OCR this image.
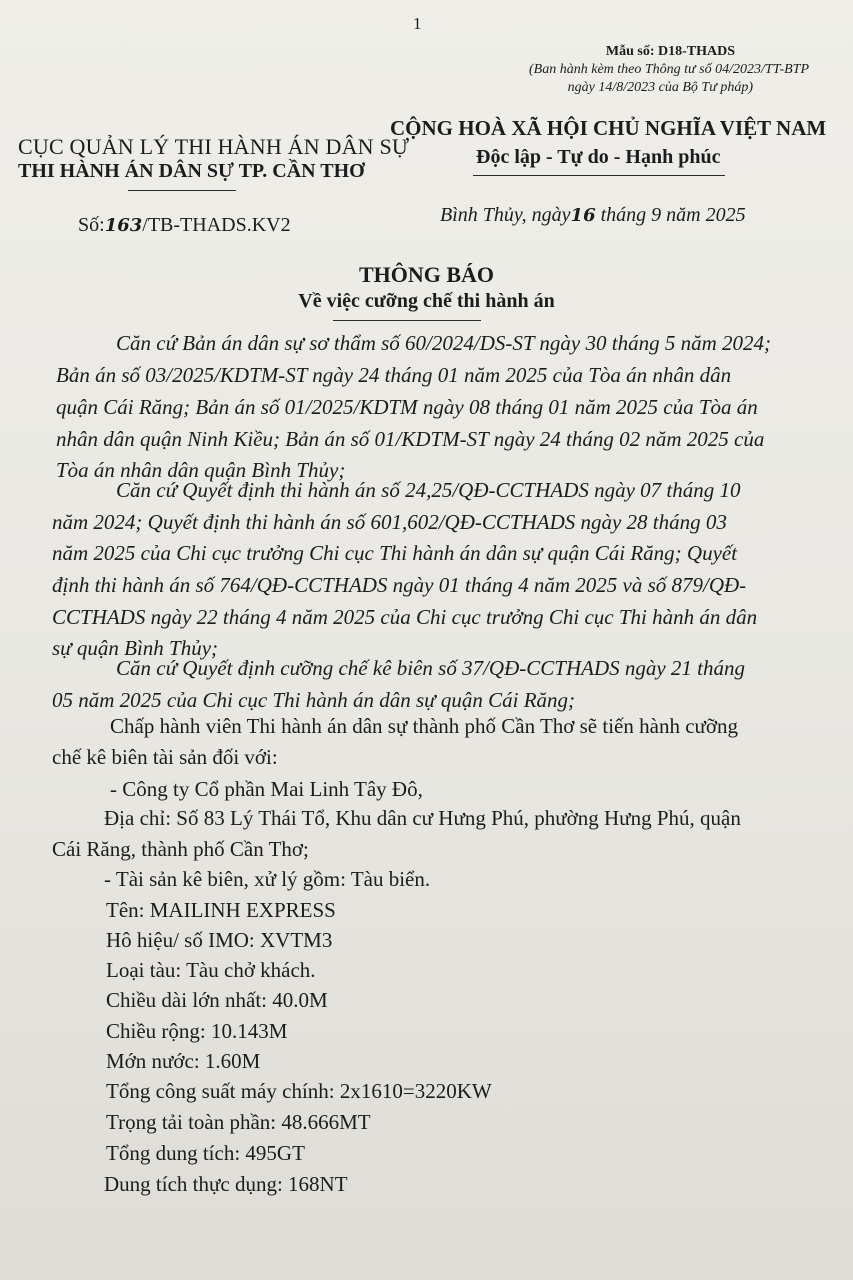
1
Mẫu số: D18-THADS
(Ban hành kèm theo Thông tư số 04/2023/TT-BTP
ngày 14/8/2023 của Bộ Tư pháp)
CỤC QUẢN LÝ THI HÀNH ÁN DÂN SỰ
THI HÀNH ÁN DÂN SỰ TP. CẦN THƠ
CỘNG HOÀ XÃ HỘI CHỦ NGHĨA VIỆT NAM
Độc lập - Tự do - Hạnh phúc
Số:163/TB-THADS.KV2	Bình Thủy, ngày16 tháng 9 năm 2025
THÔNG BÁO
Về việc cưỡng chế thi hành án
Căn cứ Bản án dân sự sơ thẩm số 60/2024/DS-ST ngày 30 tháng 5 năm 2024;
Bản án số 03/2025/KDTM-ST ngày 24 tháng 01 năm 2025 của Tòa án nhân dân
quận Cái Răng; Bản án số 01/2025/KDTM ngày 08 tháng 01 năm 2025 của Tòa án
nhân dân quận Ninh Kiều; Bản án số 01/KDTM-ST ngày 24 tháng 02 năm 2025 của
Tòa án nhân dân quận Bình Thủy;
Căn cứ Quyết định thi hành án số 24,25/QĐ-CCTHADS ngày 07 tháng 10
năm 2024; Quyết định thi hành án số 601,602/QĐ-CCTHADS ngày 28 tháng 03
năm 2025 của Chi cục trưởng Chi cục Thi hành án dân sự quận Cái Răng; Quyết
định thi hành án số 764/QĐ-CCTHADS ngày 01 tháng 4 năm 2025 và số 879/QĐ-
CCTHADS ngày 22 tháng 4 năm 2025 của Chi cục trưởng Chi cục Thi hành án dân
sự quận Bình Thủy;
Căn cứ Quyết định cưỡng chế kê biên số 37/QĐ-CCTHADS ngày 21 tháng
05 năm 2025 của Chi cục Thi hành án dân sự quận Cái Răng;
Chấp hành viên Thi hành án dân sự thành phố Cần Thơ sẽ tiến hành cưỡng
chế kê biên tài sản đối với:
- Công ty Cổ phần Mai Linh Tây Đô,
Địa chỉ: Số 83 Lý Thái Tổ, Khu dân cư Hưng Phú, phường Hưng Phú, quận
Cái Răng, thành phố Cần Thơ;
- Tài sản kê biên, xử lý gồm: Tàu biển.
Tên: MAILINH EXPRESS
Hô hiệu/ số IMO: XVTM3
Loại tàu: Tàu chở khách.
Chiều dài lớn nhất: 40.0M
Chiều rộng: 10.143M
Mớn nước: 1.60M
Tổng công suất máy chính: 2x1610=3220KW
Trọng tải toàn phần: 48.666MT
Tổng dung tích: 495GT
Dung tích thực dụng: 168NT
